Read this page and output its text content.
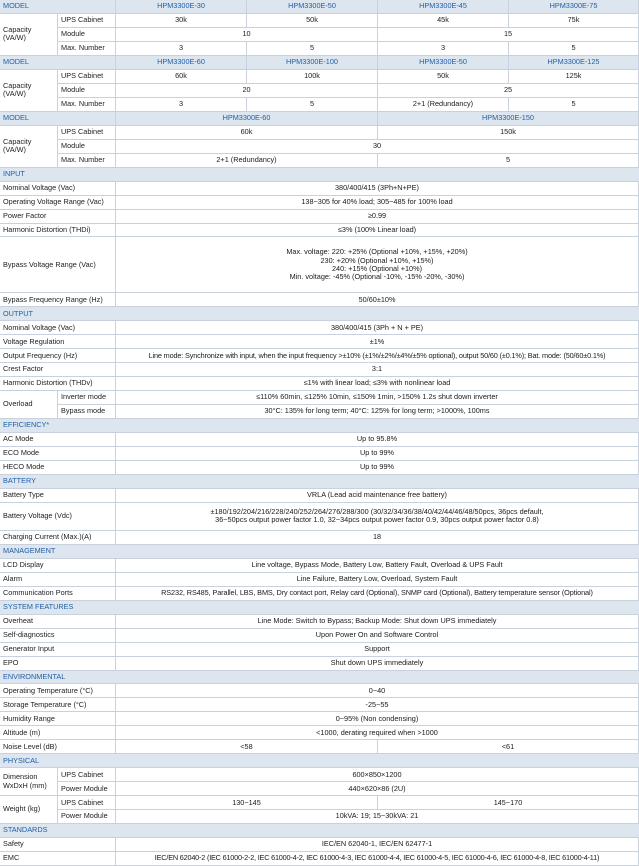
MODEL	HPM3300E-30	HPM3300E-50	HPM3300E-45	HPM3300E-75
Capacity (VA/W)
UPS Cabinet	30k	50k	45k	75k
Module	10	15
Max. Number	3	5	3	5
MODEL	HPM3300E-60	HPM3300E-100	HPM3300E-50	HPM3300E-125
Capacity (VA/W)
UPS Cabinet	60k	100k	50k	125k
Module	20	25
Max. Number	3	5	2+1 (Redundancy)	5
MODEL	HPM3300E-60	HPM3300E-150
Capacity (VA/W)
UPS Cabinet	60k	150k
Module	30
Max. Number	2+1 (Redundancy)	5
INPUT
Nominal Voltage (Vac)	380/400/415 (3Ph+N+PE)
Operating Voltage Range (Vac)	138~305 for 40% load; 305~485 for 100% load
Power Factor	≥0.99
Harmonic Distortion (THDi)	≤3% (100% Linear load)
Bypass Voltage Range (Vac)
Max. voltage: 220: +25% (Optional +10%, +15%, +20%)
230: +20% (Optional +10%, +15%)
240: +15% (Optional +10%)
Min. voltage: -45% (Optional -10%, -15% -20%, -30%)
Bypass Frequency Range (Hz)	50/60±10%
OUTPUT
Nominal Voltage (Vac)	380/400/415 (3Ph + N + PE)
Voltage Regulation	±1%
Output Frequency (Hz)	Line mode: Synchronize with input, when the input frequency >±10% (±1%/±2%/±4%/±5% optional), output 50/60 (±0.1%); Bat. mode: (50/60±0.1%)
Crest Factor	3:1
Harmonic Distortion (THDv)	≤1% with linear load; ≤3% with nonlinear load
Overload
Inverter mode	≤110% 60min, ≤125% 10min, ≤150% 1min, >150% 1.2s shut down inverter
Bypass mode	30°C: 135% for long term; 40°C: 125% for long term; >1000%, 100ms
EFFICIENCY*
AC Mode	Up to 95.8%
ECO Mode	Up to 99%
HECO Mode	Up to 99%
BATTERY
Battery Type	VRLA (Lead acid maintenance free battery)
Battery Voltage (Vdc)	±180/192/204/216/228/240/252/264/276/288/300 (30/32/34/36/38/40/42/44/46/48/50pcs, 36pcs default,
36~50pcs output power factor 1.0, 32~34pcs output power factor 0.9, 30pcs output power factor 0.8)
Charging Current (Max.)(A)	18
MANAGEMENT
LCD Display	Line voltage, Bypass Mode, Battery Low, Battery Fault, Overload & UPS Fault
Alarm	Line Failure, Battery Low, Overload, System Fault
Communication Ports	RS232, RS485, Parallel, LBS, BMS, Dry contact port, Relay card (Optional), SNMP card (Optional), Battery temperature sensor (Optional)
SYSTEM FEATURES
Overheat	Line Mode: Switch to Bypass; Backup Mode: Shut down UPS immediately
Self-diagnostics	Upon Power On and Software Control
Generator Input	Support
EPO	Shut down UPS immediately
ENVIRONMENTAL
Operating Temperature (°C)	0~40
Storage Temperature (°C)	-25~55
Humidity Range	0~95% (Non condensing)
Altitude (m)	<1000, derating required when >1000
Noise Level (dB)	<58	<61
PHYSICAL
Dimension WxDxH (mm)
UPS Cabinet	600×850×1200
Power Module	440×620×86 (2U)
Weight (kg)
UPS Cabinet	130~145	145~170
Power Module	10kVA: 19; 15~30kVA: 21
STANDARDS
Safety	IEC/EN 62040-1, IEC/EN 62477-1
EMC	IEC/EN 62040-2 (IEC 61000-2-2, IEC 61000-4-2, IEC 61000-4-3, IEC 61000-4-4, IEC 61000-4-5, IEC 61000-4-6, IEC 61000-4-8, IEC 61000-4-11)
